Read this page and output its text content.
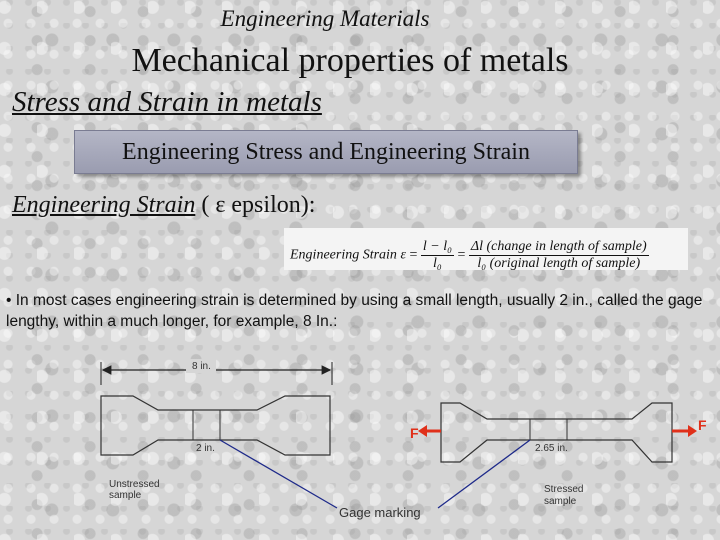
Engineering Materials
Mechanical properties of metals
Stress and Strain in metals
Engineering Stress and Engineering Strain
Engineering Strain ( ε epsilon):
Engineering Strain $\varepsilon = \frac{\text{l − l₀}}{\text{l₀}} = \frac{\text{Δl (change in length of sample)}}{\text{l₀ (original length of sample)}}$
• In most cases engineering strain is determined by using a small length, usually 2 in., called the gage lengthy, within a much longer, for example, 8 In.:
8 in.
2 in.	2.65 in.
F	F
Unstressed
sample
Stressed
sample
Gage marking
